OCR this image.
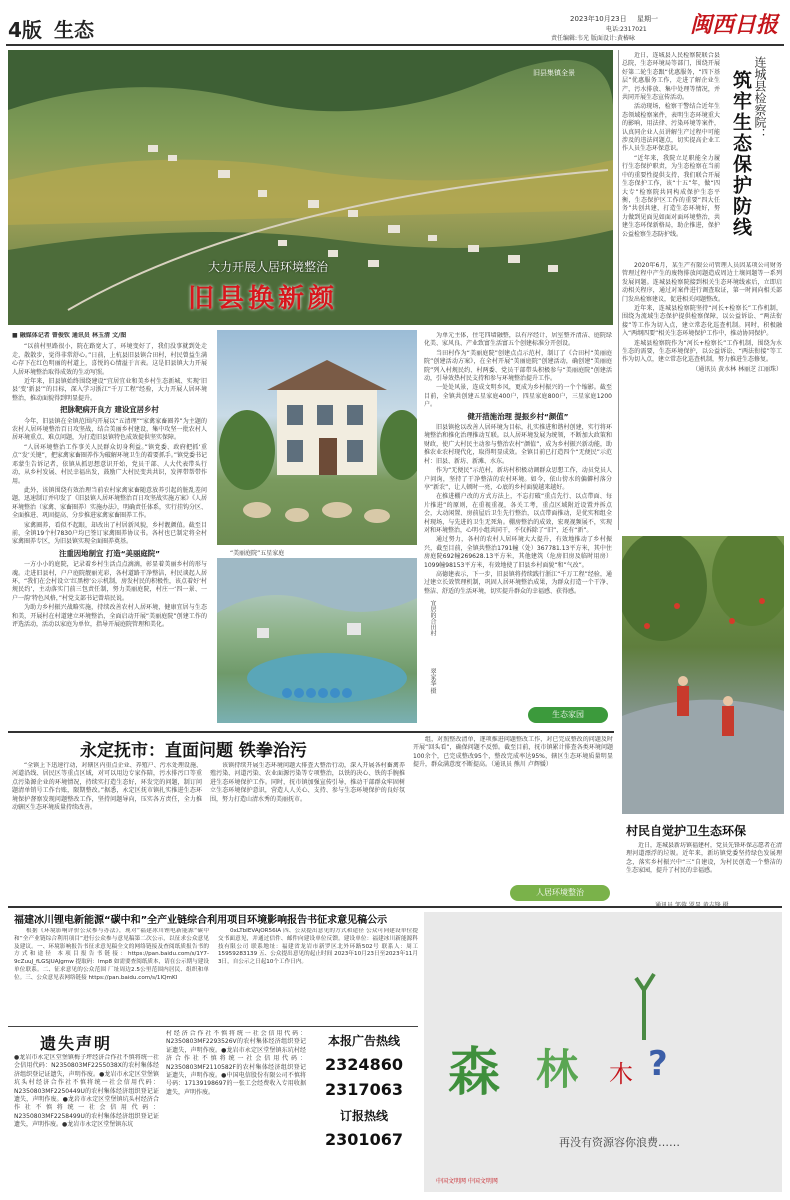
4版 生态	2023年10月23日 星期一
电话:2317021
责任编辑:韦光 版面设计:黄椿咏
闽西日报
旧县集镇全景
大力开展人居环境整治
旧县换新颜
■ 融媒体记者 曾俊钦 通讯员 林玉清 文/图

“以前村里路很小，院在路宽大了，环境变好了，我们没事就到处走走，散散步，觉得非常舒心。”日前，上杭县旧县镇合田村，村民曾益生满心存下在红色明丽的村道上，喜悦的心情溢于言表。这是旧县镇大力开展人居环境整治取得成效的生动写照。

近年来，旧县镇始终围绕建设“宜居宜业和美乡村生态新城、实现‘旧县’变‘新县’”的目标，深入学习浙江“千万工程”经验，大力开展人居环境整治，推动面貌得到明显提升。

把脉靶病开良方 建设宜居乡村

今年，旧县镇在全镇范围内开展以“五清理”“家禽家畜圈养”为主题的农村人居环境整治百日攻坚战，结合美丽乡村建设，集中攻坚一批农村人居环境重点、难点问题，为打造旧县镇特色成效提供坚实保障。

“人居环境整治工作事关人民群众切身利益。”镇党委、政府把抓‘重点’‘发’关键”，把家禽家畜圈养作为破解环境卫生的着要抓手。”镇党委书记邓蒙生告诉记者，依镇从抓思想意识开始，党员干部、人大代表带头行动，从乡村发展、村民幸福出发，鼓励广大村民变共共识，发挥带帮带作用。

此外，该镇围绕有效治理当前农村家禽家畜随意放养引起的脏乱差问题，迅速制订并印发了《旧县镇人居环境整治百日攻坚战实施方案》《人居环境整治（家禽、家畜圈养）实施办法》，明确责任体系，实行挂钩分区、全面推进、巩固提高、分步推进家禽家畜圈养工作。

家禽圈养，看似不起眼，却改出了村居新风貌，乡村靓颜值。截至目前，全镇19个村7830户均已签订家禽圈养协议书。各村也已制定将全村家禽圈养专区，为旧县镇实现全面圈养奠基。

注重因地制宜 打造“美丽庭院”

一方小小的庭院，记录着乡村生活点点滴滴，彰显着美丽乡村的形与魂。走进旧县村，户户庭院靓丽光彩，各村道路干净整洁，村民谈起人居环，“我们在会村设立‘红黑榜’公示机制，房发村民的积极性，该点着好‘村规民约’，主动落实门前三包责任制，努力美丽庭院，村庄一‘四一景、一户一韵’特色风格，”村党支部书记曾培民说。

为助力乡村振兴战略实施，持续改善农村人居环境，健康宜居与生态和美，开展村在村道建立环境整治，全面启动开展“美丽庭院”创建工作的评选活动，活动以家庭为单位，指导开展庭院管理和美化。

“美丽庭院”五星家庭
宜居的合田村
翠家华 摄

为单元主体，住宅四墙融整，以有序经计，居室整齐清洁、庭院绿化美、家风良、产业致富生活富五个创建标准分开创设。

当田村作为“美丽庭院”创建点点示范村，制订了《合田村“美丽庭院”创建活动方案》，在全村开展“美丽庭院”创建活动，确创建“美丽庭院”列入村规民约、村两委、党员干部带头积极参与“美丽庭院”创建活动，引导效热村民支持和参与环境整治提升工作。

一处处风景，连成文明乡风，更成为乡村振兴的一个个缩影。截至目前，全镇共创建五星家庭400户，四星家庭800户，三星家庭1200户。

健开措施治理 提振乡村“颜值”

旧县镇抢以改善人居环境为目标，扎实推进和谐村创建，实行将环境整治和推化治理推动互联。以人居环境发展为统领，不断加大政策和财政，使广大村民主动参与整治农村“颜值”，成为乡村振兴新动能，助推农业农村现代化，取得明显成效。全镇目前已打造四个“无便民”示范村：旧县、新坊、新滩、水东。

作为“无便民”示范村，新坊村积极动调群众思想工作，动员党员人户问询，坚持了干净整洁的农村环境。如今，依山傍水的偏僻村落分享“新农”，让人顿时一亮，心底的乡村面貌越来越好。

在推进棚户改的方式方法上，不忘打破“重点先行、以点带面、每片推进”的原则，在重视重视，各关工考，重点区域附近设置并拆点会，大动闲置、房前屋后卫生先行整治，以点带面推动，是优实和组全村现场，与先进的卫生无死角。棚房整治的成效，宏观视频展不，实现对和环境整治，心明小组共同干，不仅拆除了“旧”，还有“新”。

通过努力，各村的农村人居环境大大提升，有效地推动了乡村振兴，截至目前，全镇共整治1791幢（处）367781.13平方米，其中住房庭院692幢269628.13平方米，其他建筑（危房旧房及临时用房）1099幢98153平方米，有效地使了旧县乡村面貌“和”气改”。

高德建表示，下一步，旧县镇将持续践行浙江“千万工程”经验，通过建立长效管理机制，巩固人居环境整治成果，为群众打造一个干净、整洁、舒适的生活环境，切实提升群众的幸福感、获得感。

生态家园
连城县检察院：
筑牢生态保护防线

近日，连城县人民检察院联合县总院，生态环境局等部门，围绕开展好第二轮生态跟“优惠服务，“四下基层”优惠服务工作，走进了解企业生产，污水排放、集中处理等情况，并共同开展生态宣传活动。

活动现场，检察干警结合近年生态领域检察案件，表明生态环境重大的影响，用法律、污染环境等案件，认真同企业人员讲解生产过程中可能涉及的违法问题点，切实提高企业工作人员生态环保意识。

“近年来，我院立足职能全力履行生态保护职责，为生态检察在当前中的重要性提供支持，我们联合开展生态保护工作，该“十五”年，做“四大专”检察院共同构成保护生态平衡，生态保护区工作的重要“四大任务”共创共建，打造生态环境好，努力做到见面见如面对面环境整治，共建生态环保新格局，助企推进，保护公益检察生态防护线。

2020年6月，某生产有限公司管理人员因某项公司财务管理过程中产生的废物排放问题造成周边土壤问题等一系列发展问题。连城县检察院接到相关生态环境线索后，立即启动相关程序，通过对案件进行调查取证，第一时间向相关部门发出检察建议，促进相关问题整改。

近年来，连城县检察院坚持“河长+检察长”工作机制，围绕为流域生态保护提供检察保障，以公益诉讼、“两法衔接”等工作为切入点，建立常态化巡查机制。同时，积极融入“两纲四要”相关生态环境保护工作中，推动协同保护。

连城县检察院作为“河长+检察长”工作机制，围绕为水生态的需要，生态环境保护，以公益诉讼、“两法衔接”等工作为切入点，建立常态化巡查机制，努力推进生态修复。

（通讯员 黄水林 林丽芝 江丽珠）
村民自觉护卫生态环保

近日，连城县新坊镇福建村，党员先锋环保志愿者在清理河道漂浮的垃圾。近年来，新坊镇党委坚持绿色发展理念，落实乡村振兴中“三”自建设，为村民创造一个整洁的生态家园，提升了村民的幸福感。

永定抚市：直面问题 铁拳治污

“全镇上下迅速行动，对辖区内重点企业、养殖户、污水处理设施、河道沿线、居民区等重点区域，对可以用边专家作陪，污水排污口等重点污染源企业的环境情况，持续实打造生态好，环发完的问题，制订问题清单销号工作台账，限期整改。”据悉，永定区抚市镇扎实推进生态环境保护督察发现问题整改工作，坚持问题导向，压实各方责任，全力推动辖区生态环境质量持续改善。

该镇持续开展生态环境问题大排查大整治行动，深入开展各村畜禽养殖污染、河道污染、农业面源污染等专项整治，以铁的决心、铁的手腕推进生态环境保护工作。同时，抚市镇加强宣传引导，推动干部群众牢固树立生态环境保护意识，营造人人关心、支持、参与生态环境保护的良好氛围，努力打造山清水秀的美丽抚市。

组，对照整改清单，逐项推进问题整改工作，对已完成整改的问题及时开展“回头看”，确保问题不反弹。截至目前，抚市镇累计排查各类环境问题100余个，已完成整改95个，整改完成率达95%，辖区生态环境质量明显提升，群众满意度不断提高。（通讯员 熊川 卢辉媛）

人居环境整治
福建冰川锂电新能源“碳中和”全产业链综合利用项目环境影响报告书征求意见稿公示

根据《环境影响评价公众参与办法》，现对“福建冰川锂电新能源“碳中和”全产业链综合利用项目”进行公众参与意见稿第二次公示，以征求公众意见及建议。一、环境影响报告书征求意见稿全文的网络链接及查阅纸质报告书的方式和途径 本项目报告书链接：https://pan.baidu.com/s/1Y7-9cZuuJ_fLGSJUAJgmw 提取码：lmp8 如需要查阅纸质本，请在公示期与建设单位联系。二、征求意见的公众范围 厂址周边2.5公里范围内居民、组织和单位。三、公众意见表网络链接 https://pan.baidu.com/s/1IQmKI

0xLTbIEVAjOR56IA 四、公众提出意见的方式和途径 公众可向建设单位提交书面意见，并通过信件、邮件向建设单位反馈。建设单位：福建冰川新能源科技有限公司 联系地址：福建省龙岩市新罗区北外环路502号 联系人：周工 15959283139 五、公众提出意见的起止时间 2023年10月23日至2023年11月3日，自公示之日起10个工作日内。

遗失声明

●龙岩市永定区堂堡镇梅子坪经济合作社不慎将统一社会信用代码：N2350803MF2255038X的农村集体经济组织登记证遗失，声明作废。●龙岩市永定区堂堡镇坑头村经济合作社不慎将统一社会信用代码：N2350803MF2250449U的农村集体经济组织登记证遗失，声明作废。●龙岩市永定区堂堡镇坑头村经济合作社不慎将统一社会信用代码：N2350803MF2258499U的农村集体经济组织登记证遗失，声明作废。●龙岩市永定区堂堡镇东坑

村经济合作社不慎将统一社会信用代码：N2350803MF2293526V的农村集体经济组织登记证遗失，声明作废。●龙岩市永定区堂堡镇东坑村经济合作社不慎将统一社会信用代码：N2350803MF2110582F的农村集体经济组织登记证遗失，声明作废。●中国电信股份有限公司不慎将号码：17139198697的一张工会经费收入专用收据遗失，声明作废。

本报广告热线
2324860
2317063
订报热线
2301067
森 林 木 ?
再没有资源容你浪费……
中国文明网 中国文明网
